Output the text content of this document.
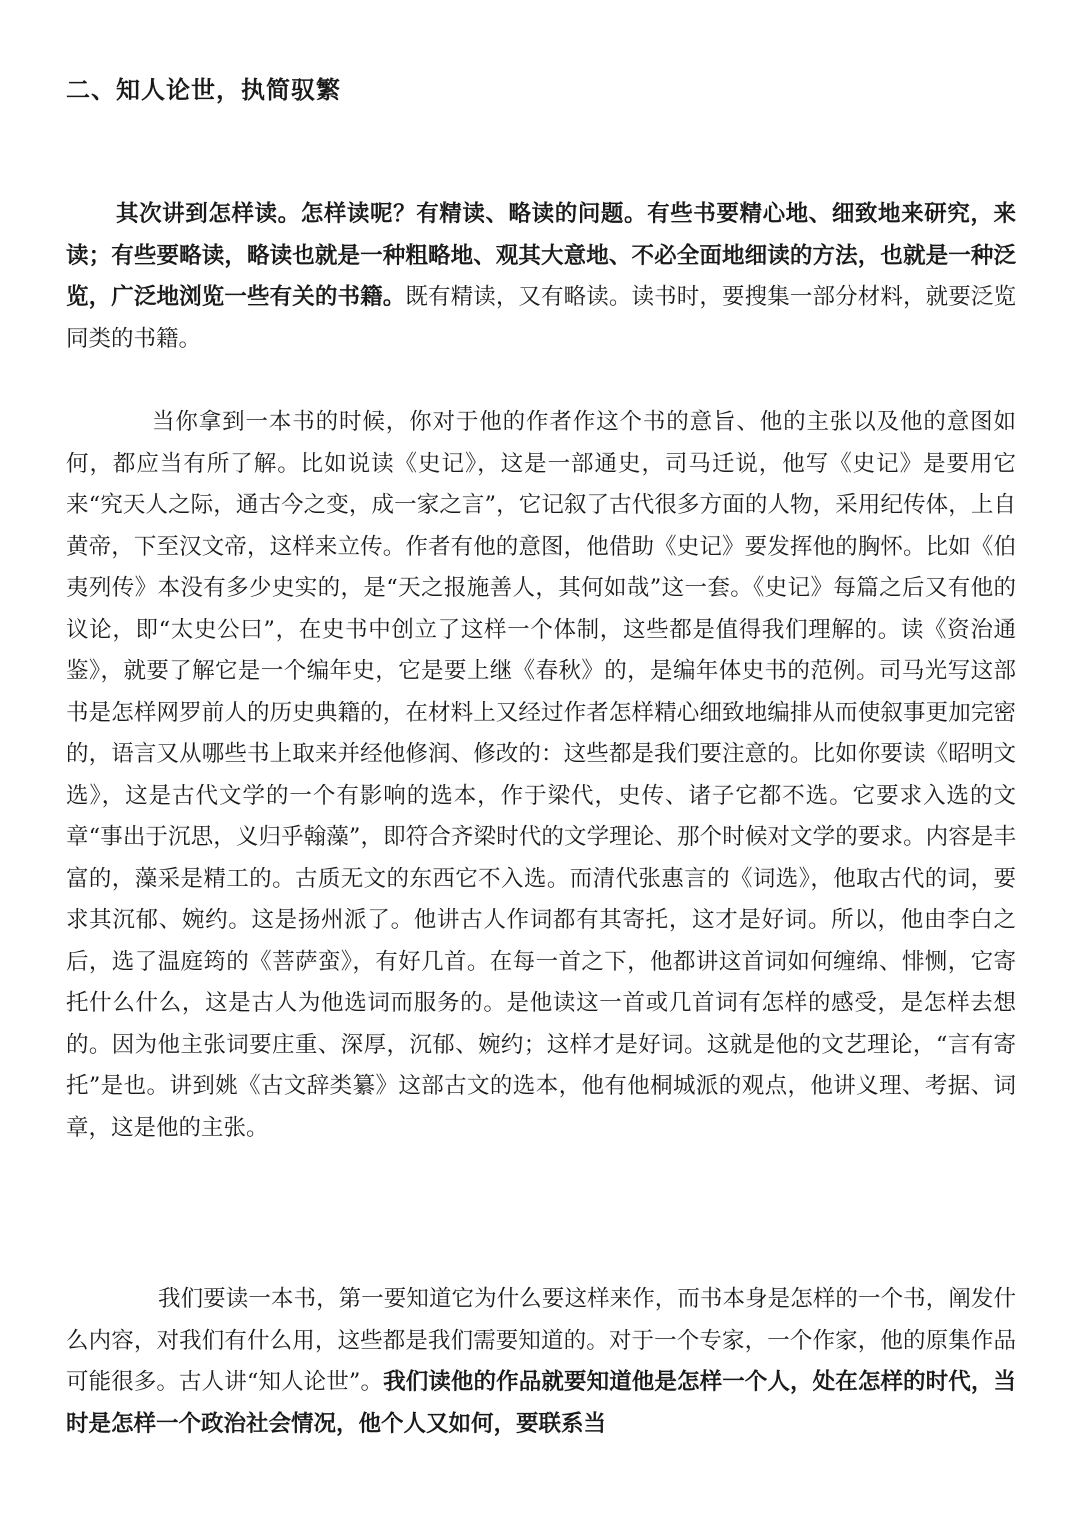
二、知人论世，执简驭繁

其次讲到怎样读。怎样读呢？有精读、略读的问题。有些书要精心地、细致地来研究，来读；有些要略读，略读也就是一种粗略地、观其大意地、不必全面地细读的方法，也就是一种泛览，广泛地浏览一些有关的书籍。既有精读，又有略读。读书时，要搜集一部分材料，就要泛览同类的书籍。

当你拿到一本书的时候，你对于他的作者作这个书的意旨、他的主张以及他的意图如何，都应当有所了解。比如说读《史记》，这是一部通史，司马迁说，他写《史记》是要用它来“究天人之际，通古今之变，成一家之言”，它记叙了古代很多方面的人物，采用纪传体，上自黄帝，下至汉文帝，这样来立传。作者有他的意图，他借助《史记》要发挥他的胸怀。比如《伯夷列传》本没有多少史实的，是“天之报施善人，其何如哉”这一套。《史记》每篇之后又有他的议论，即“太史公曰”，在史书中创立了这样一个体制，这些都是值得我们理解的。读《资治通鉴》，就要了解它是一个编年史，它是要上继《春秋》的，是编年体史书的范例。司马光写这部书是怎样网罗前人的历史典籍的，在材料上又经过作者怎样精心细致地编排从而使叙事更加完密的，语言又从哪些书上取来并经他修润、修改的：这些都是我们要注意的。比如你要读《昭明文选》，这是古代文学的一个有影响的选本，作于梁代，史传、诸子它都不选。它要求入选的文章“事出于沉思，义归乎翰藻”，即符合齐梁时代的文学理论、那个时候对文学的要求。内容是丰富的，藻采是精工的。古质无文的东西它不入选。而清代张惠言的《词选》，他取古代的词，要求其沉郁、婉约。这是扬州派了。他讲古人作词都有其寄托，这才是好词。所以，他由李白之后，选了温庭筠的《菩萨蛮》，有好几首。在每一首之下，他都讲这首词如何缠绵、悱恻，它寄托什么什么，这是古人为他选词而服务的。是他读这一首或几首词有怎样的感受，是怎样去想的。因为他主张词要庄重、深厚，沉郁、婉约；这样才是好词。这就是他的文艺理论，“言有寄托”是也。讲到姚《古文辞类纂》这部古文的选本，他有他桐城派的观点，他讲义理、考据、词章，这是他的主张。

我们要读一本书，第一要知道它为什么要这样来作，而书本身是怎样的一个书，阐发什么内容，对我们有什么用，这些都是我们需要知道的。对于一个专家，一个作家，他的原集作品可能很多。古人讲“知人论世”。我们读他的作品就要知道他是怎样一个人，处在怎样的时代，当时是怎样一个政治社会情况，他个人又如何，要联系当
